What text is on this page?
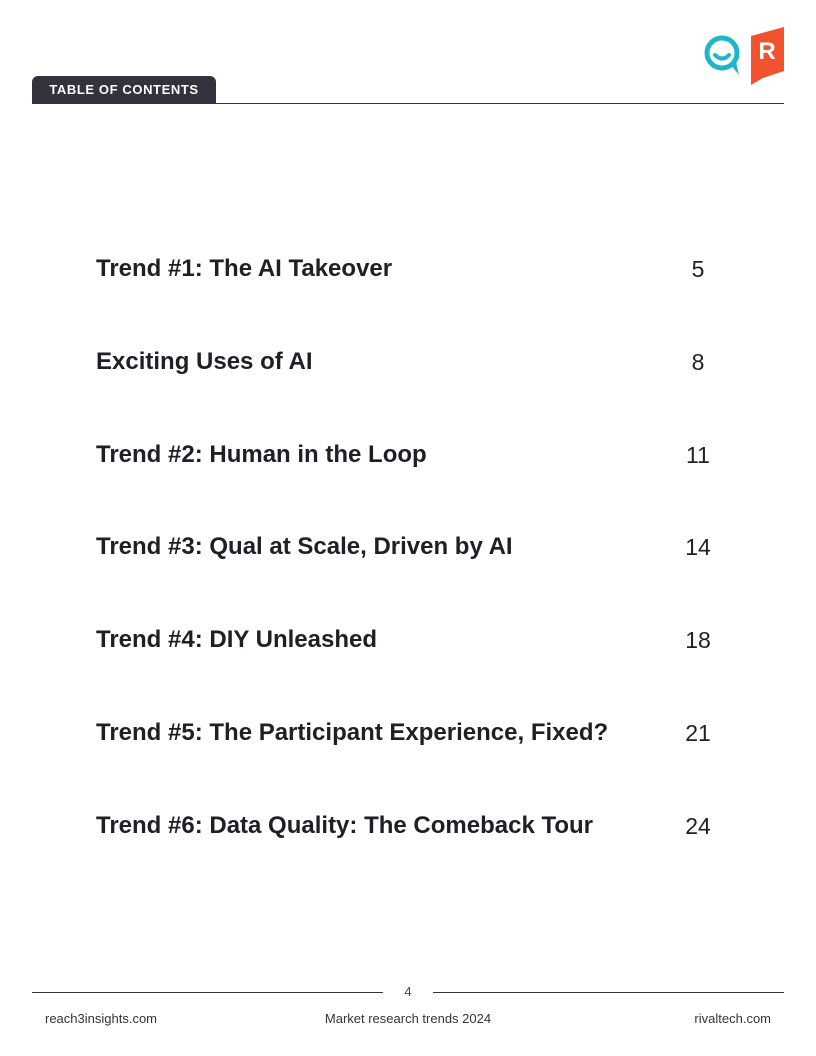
TABLE OF CONTENTS
R
Trend #1: The AI Takeover	5
Exciting Uses of AI	8
Trend #2: Human in the Loop	11
Trend #3: Qual at Scale, Driven by AI	14
Trend #4: DIY Unleashed	18
Trend #5: The Participant Experience, Fixed?	21
Trend #6: Data Quality: The Comeback Tour	24
4
reach3insights.com	Market research trends 2024	rivaltech.com
